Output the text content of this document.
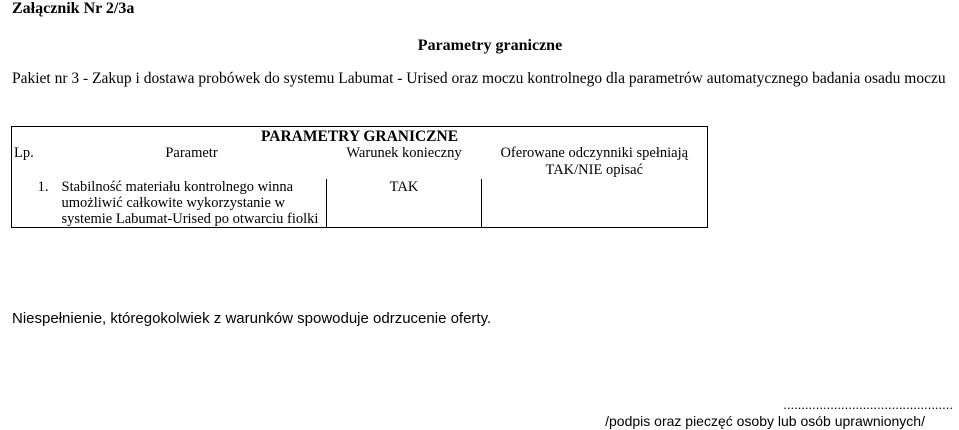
Załącznik Nr 2/3a
Parametry graniczne
Pakiet nr 3 - Zakup i dostawa probówek do systemu Labumat - Urised oraz moczu kontrolnego dla parametrów automatycznego badania osadu moczu
PARAMETRY GRANICZNE			
Lp.	Parametr	Warunek konieczny	Oferowane odczynniki spełniają TAK/NIE opisać
1.	Stabilność materiału kontrolnego winna umożliwić całkowite wykorzystanie w systemie Labumat-Urised po otwarciu fiolki	TAK	
Niespełnienie, któregokolwiek z warunków spowoduje odrzucenie oferty.
...............................................
/podpis oraz pieczęć osoby lub osób uprawnionych/
